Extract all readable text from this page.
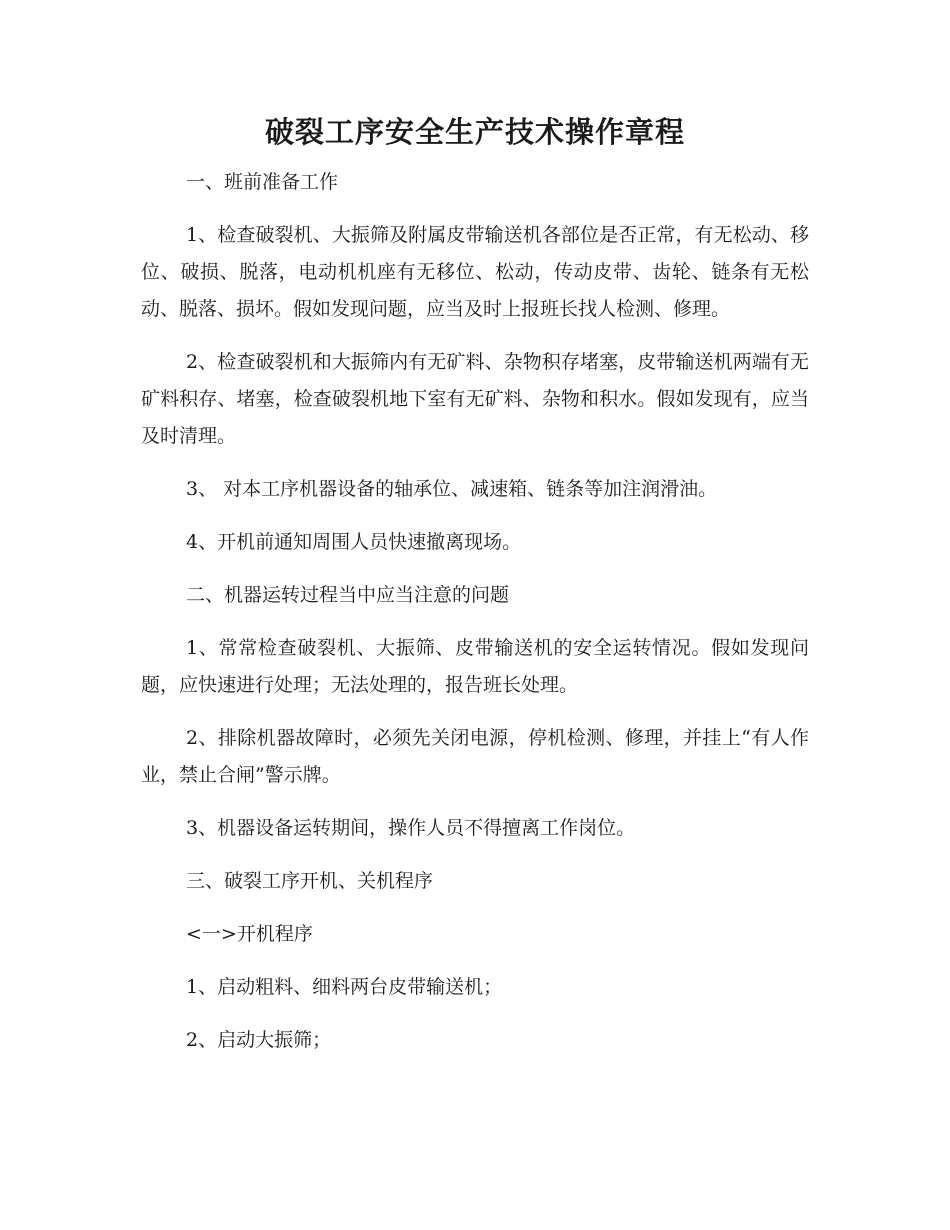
破裂工序安全生产技术操作章程

一、班前准备工作

1、检查破裂机、大振筛及附属皮带输送机各部位是否正常，有无松动、移位、破损、脱落，电动机机座有无移位、松动，传动皮带、齿轮、链条有无松动、脱落、损坏。假如发现问题，应当及时上报班长找人检测、修理。

2、检查破裂机和大振筛内有无矿料、杂物积存堵塞，皮带输送机两端有无矿料积存、堵塞，检查破裂机地下室有无矿料、杂物和积水。假如发现有，应当及时清理。

3、 对本工序机器设备的轴承位、减速箱、链条等加注润滑油。

4、开机前通知周围人员快速撤离现场。

二、机器运转过程当中应当注意的问题

1、常常检查破裂机、大振筛、皮带输送机的安全运转情况。假如发现问题，应快速进行处理；无法处理的，报告班长处理。

2、排除机器故障时，必须先关闭电源，停机检测、修理，并挂上“有人作业，禁止合闸”警示牌。

3、机器设备运转期间，操作人员不得擅离工作岗位。

三、破裂工序开机、关机程序

<一>开机程序

1、启动粗料、细料两台皮带输送机；

2、启动大振筛；
